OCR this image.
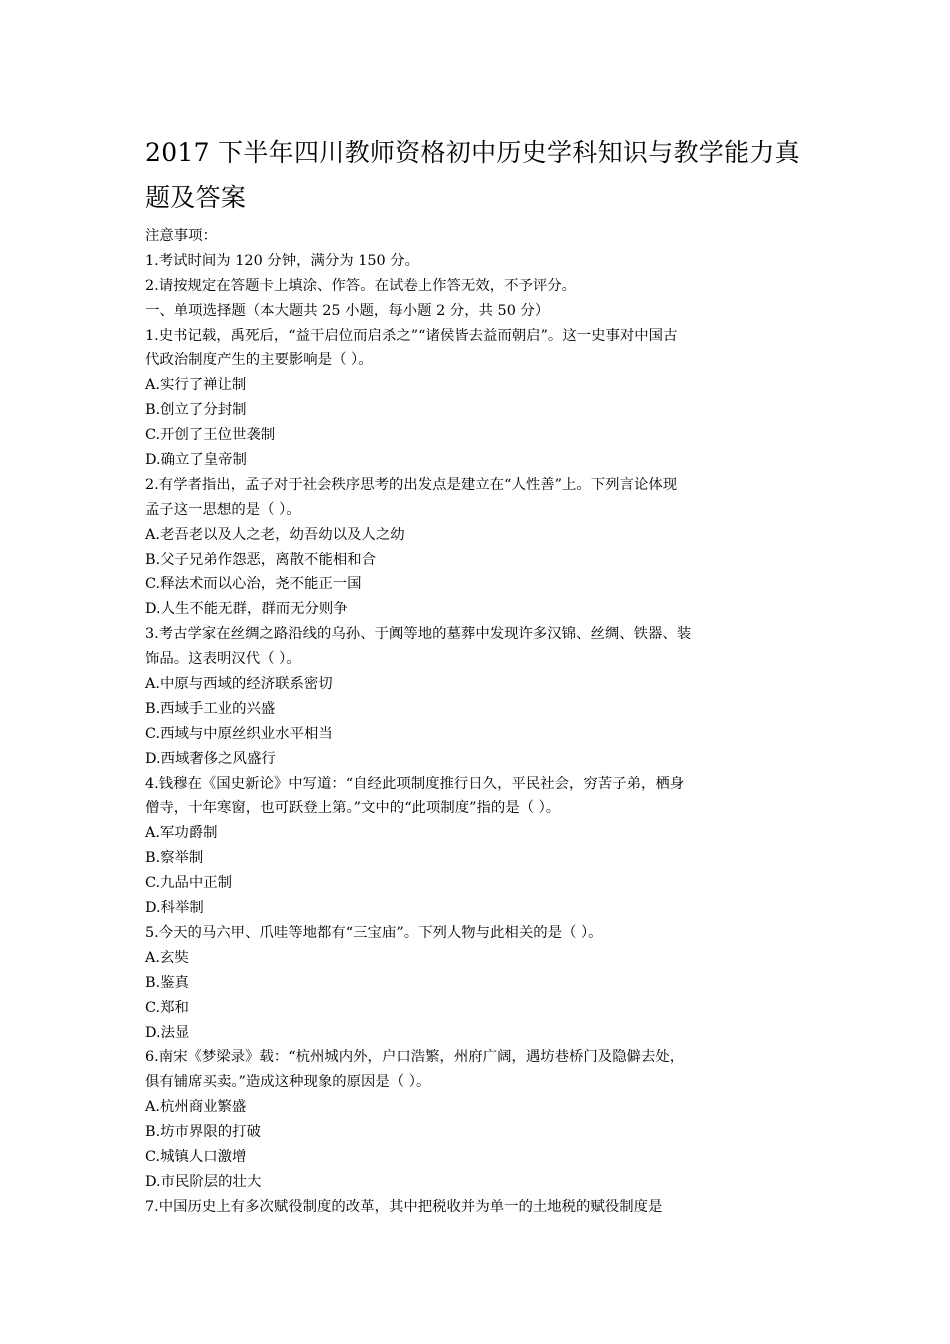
2017 下半年四川教师资格初中历史学科知识与教学能力真
题及答案
注意事项：
1.考试时间为 120 分钟，满分为 150 分。
2.请按规定在答题卡上填涂、作答。在试卷上作答无效，不予评分。
一、单项选择题（本大题共 25 小题，每小题 2 分，共 50 分）
1.史书记载，禹死后，“益干启位而启杀之”“诸侯皆去益而朝启”。这一史事对中国古
代政治制度产生的主要影响是（ ）。
A.实行了禅让制
B.创立了分封制
C.开创了王位世袭制
D.确立了皇帝制
2.有学者指出，孟子对于社会秩序思考的出发点是建立在“人性善”上。下列言论体现
孟子这一思想的是（ ）。
A.老吾老以及人之老，幼吾幼以及人之幼
B.父子兄弟作怨恶，离散不能相和合
C.释法术而以心治，尧不能正一国
D.人生不能无群，群而无分则争
3.考古学家在丝绸之路沿线的乌孙、于阗等地的墓葬中发现许多汉锦、丝绸、铁器、装
饰品。这表明汉代（ ）。
A.中原与西域的经济联系密切
B.西域手工业的兴盛
C.西域与中原丝织业水平相当
D.西域奢侈之风盛行
4.钱穆在《国史新论》中写道：“自经此项制度推行日久，平民社会，穷苦子弟，栖身
僧寺，十年寒窗，也可跃登上第。”文中的“此项制度”指的是（ ）。
A.军功爵制
B.察举制
C.九品中正制
D.科举制
5.今天的马六甲、爪哇等地都有“三宝庙”。下列人物与此相关的是（ ）。
A.玄奘
B.鉴真
C.郑和
D.法显
6.南宋《梦梁录》载：“杭州城内外，户口浩繁，州府广阔，遇坊巷桥门及隐僻去处，
俱有铺席买卖。”造成这种现象的原因是（ ）。
A.杭州商业繁盛
B.坊市界限的打破
C.城镇人口激增
D.市民阶层的壮大
7.中国历史上有多次赋役制度的改革，其中把税收并为单一的土地税的赋役制度是
